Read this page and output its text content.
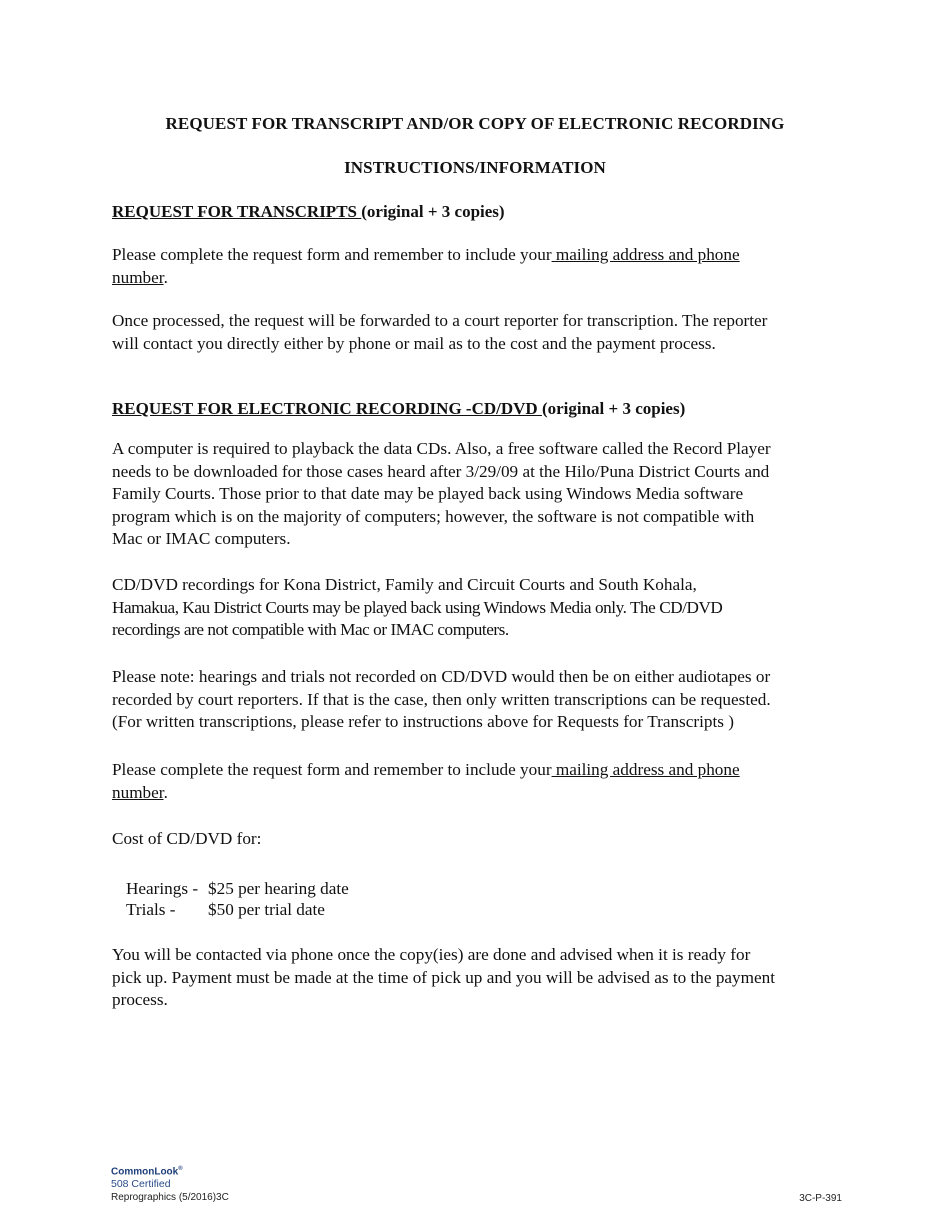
REQUEST FOR TRANSCRIPT AND/OR COPY OF ELECTRONIC RECORDING
INSTRUCTIONS/INFORMATION
REQUEST FOR TRANSCRIPTS (original + 3 copies)
Please complete the request form and remember to include your mailing address and phone
number.
Once processed, the request will be forwarded to a court reporter for transcription. The reporter
will contact you directly either by phone or mail as to the cost and the payment process.
REQUEST FOR ELECTRONIC RECORDING -CD/DVD (original + 3 copies)
A computer is required to playback the data CDs. Also, a free software called the Record Player
needs to be downloaded for those cases heard after 3/29/09 at the Hilo/Puna District Courts and
Family Courts. Those prior to that date may be played back using Windows Media software
program which is on the majority of computers; however, the software is not compatible with
Mac or IMAC computers.
CD/DVD recordings for Kona District, Family and Circuit Courts and South Kohala,
Hamakua, Kau District Courts may be played back using Windows Media only. The CD/DVD
recordings are not compatible with Mac or IMAC computers.
Please note: hearings and trials not recorded on CD/DVD would then be on either audiotapes or
recorded by court reporters. If that is the case, then only written transcriptions can be requested.
(For written transcriptions, please refer to instructions above for Requests for Transcripts )
Please complete the request form and remember to include your mailing address and phone
number.
Cost of CD/DVD for:
Hearings - $25 per hearing date
Trials - $50 per trial date
You will be contacted via phone once the copy(ies) are done and advised when it is ready for
pick up. Payment must be made at the time of pick up and you will be advised as to the payment
process.
CommonLook®
508 Certified
Reprographics (5/2016)3C	3C-P-391
